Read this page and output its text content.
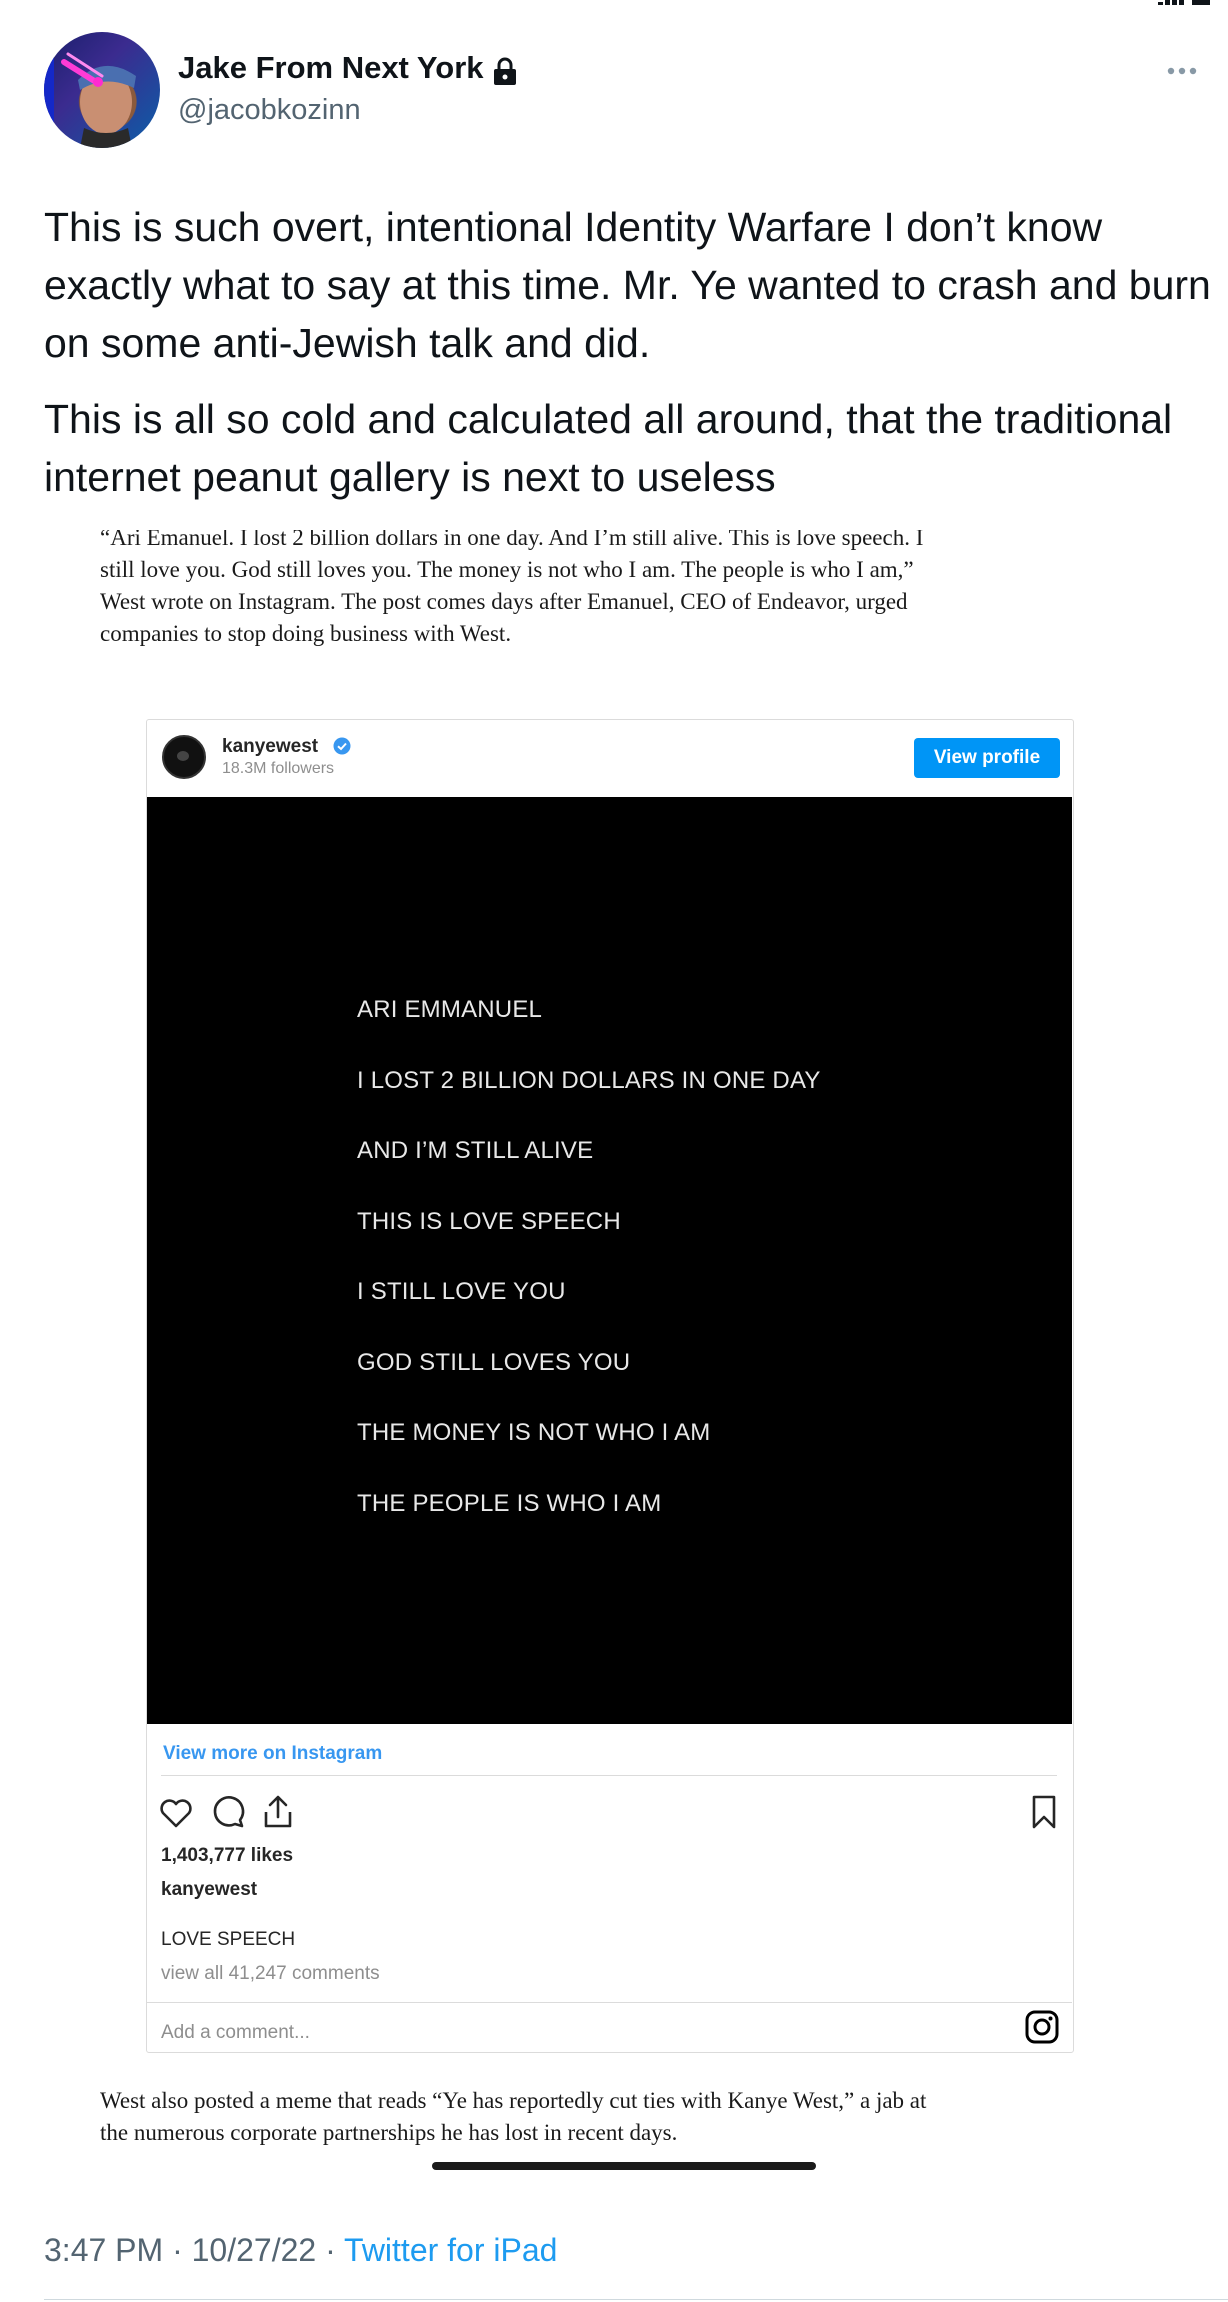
Jake From Next York
@jacobkozinn
This is such overt, intentional Identity Warfare I don’t know exactly what to say at this time. Mr. Ye wanted to crash and burn on some anti-Jewish talk and did.
This is all so cold and calculated all around, that the traditional internet peanut gallery is next to useless
“Ari Emanuel. I lost 2 billion dollars in one day. And I’m still alive. This is love speech. I still love you. God still loves you. The money is not who I am. The people is who I am,” West wrote on Instagram. The post comes days after Emanuel, CEO of Endeavor, urged companies to stop doing business with West.
kanyewest
18.3M followers
View profile
ARI EMMANUEL
I LOST 2 BILLION DOLLARS IN ONE DAY
AND I’M STILL ALIVE
THIS IS LOVE SPEECH
I STILL LOVE YOU
GOD STILL LOVES YOU
THE MONEY IS NOT WHO I AM
THE PEOPLE IS WHO I AM
View more on Instagram
1,403,777 likes
kanyewest
LOVE SPEECH
view all 41,247 comments
Add a comment...
West also posted a meme that reads “Ye has reportedly cut ties with Kanye West,” a jab at the numerous corporate partnerships he has lost in recent days.
3:47 PM · 10/27/22 · Twitter for iPad
